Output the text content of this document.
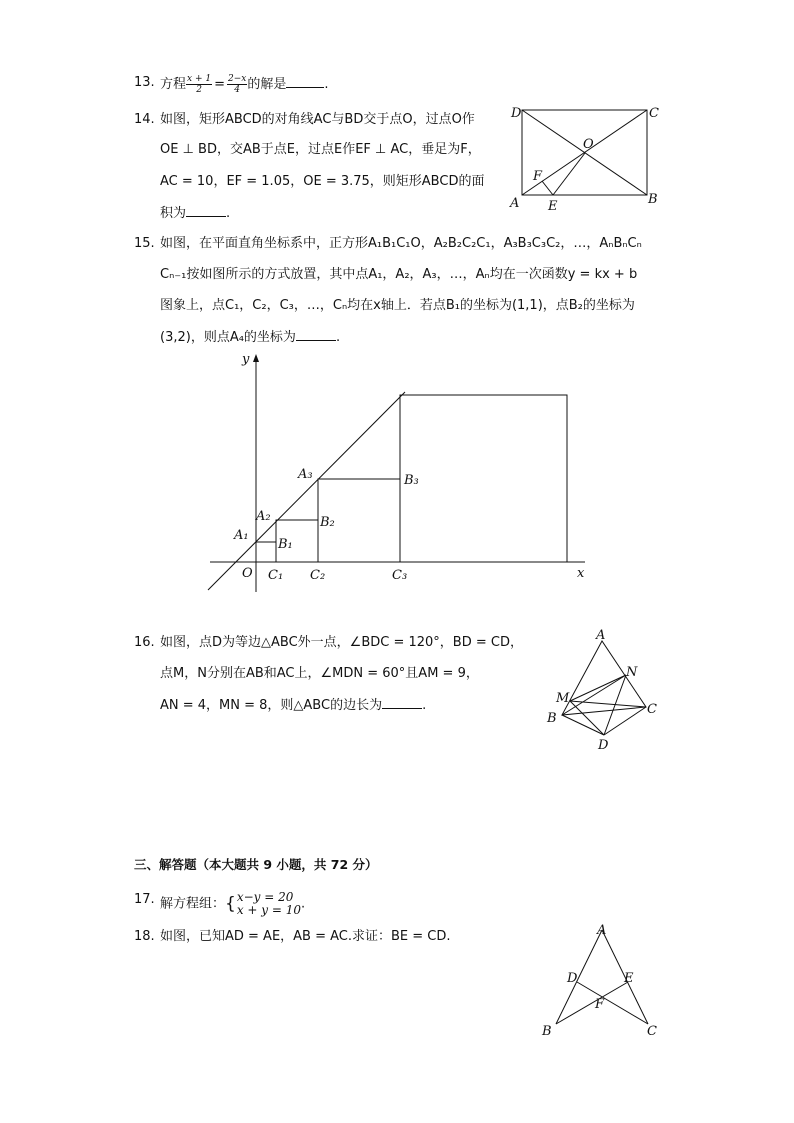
13. 方程 $\frac{x + 1}{2} = \frac{2-x}{4}$ 的解是	.
14. 如图，矩形ABCD的对角线AC与BD交于点O，过点O作
OE ⊥ BD，交AB于点E，过点E作EF ⊥ AC，垂足为F，
AC = 10，EF = 1.05，OE = 3.75，则矩形ABCD的面
积为	.
D	C
A	B
O
E
F
15. 如图，在平面直角坐标系中，正方形A₁B₁C₁O，A₂B₂C₂C₁，A₃B₃C₃C₂，…，AₙBₙCₙ
Cₙ₋₁按如图所示的方式放置，其中点A₁，A₂，A₃，…，Aₙ均在一次函数y = kx + b
图象上，点C₁，C₂，C₃，…，Cₙ均在x轴上．若点B₁的坐标为(1,1)，点B₂的坐标为
(3,2)，则点A₄的坐标为	.
y
x
O
A₁
A₂
A₃
B₁
B₂
B₃
C₁ C₂	C₃
16. 如图，点D为等边△ABC外一点，∠BDC = 120°，BD = CD，
点M，N分别在AB和AC上，∠MDN = 60°且AM = 9，
AN = 4，MN = 8，则△ABC的边长为	.
A
N
M
B
C
D
三、解答题（本大题共 9 小题，共 72 分）
17. 解方程组：{ x−y = 20
x + y = 10 .
18. 如图，已知AD = AE，AB = AC.求证：BE = CD.	A
D	E
F
B	C
